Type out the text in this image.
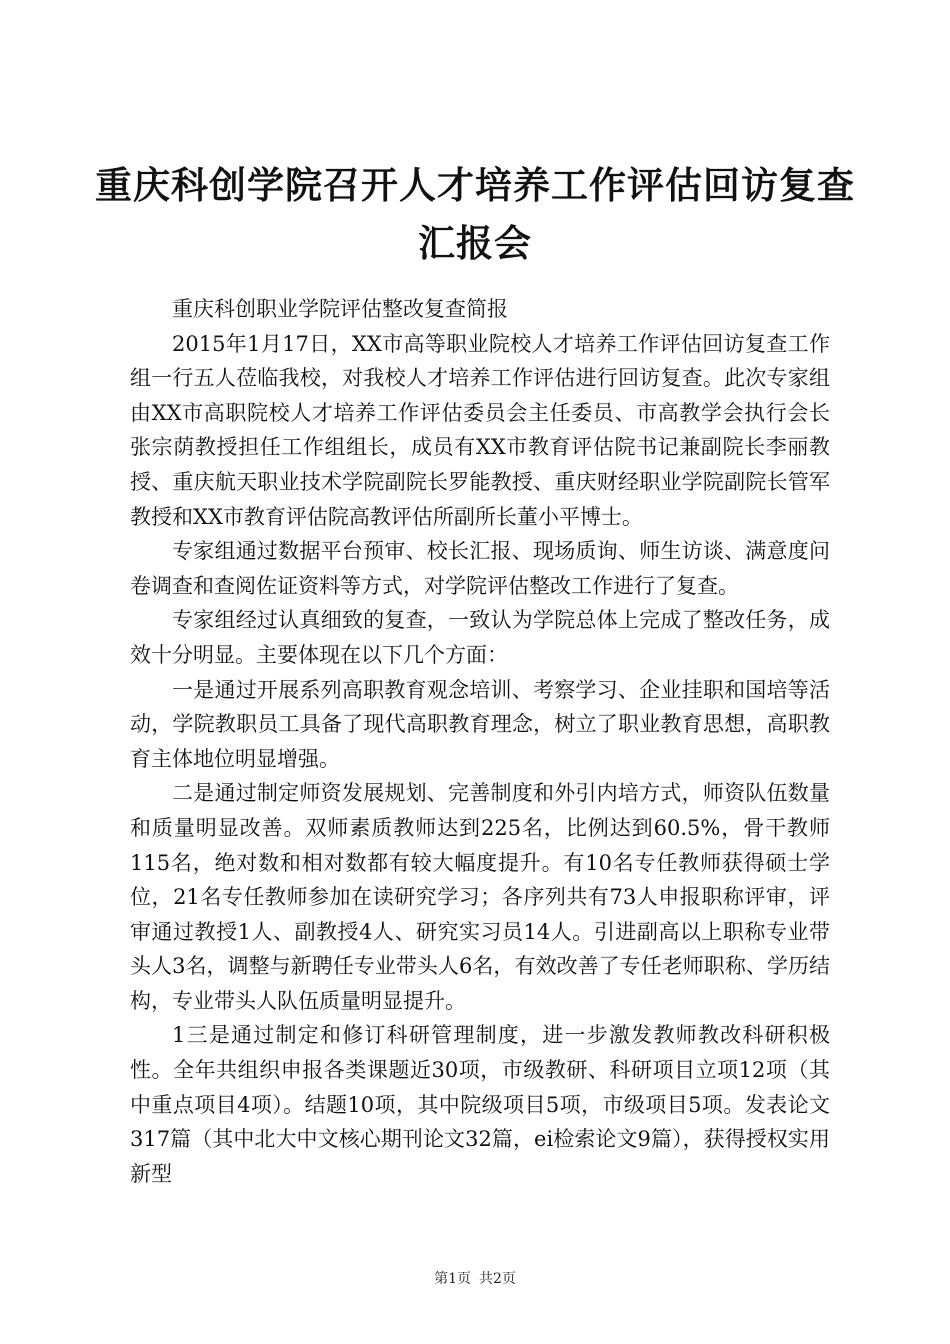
重庆科创学院召开人才培养工作评估回访复查
汇报会

重庆科创职业学院评估整改复查简报

2015年1月17日，XX市高等职业院校人才培养工作评估回访复查工作组一行五人莅临我校，对我校人才培养工作评估进行回访复查。此次专家组由XX市高职院校人才培养工作评估委员会主任委员、市高教学会执行会长张宗荫教授担任工作组组长，成员有XX市教育评估院书记兼副院长李丽教授、重庆航天职业技术学院副院长罗能教授、重庆财经职业学院副院长管军教授和XX市教育评估院高教评估所副所长董小平博士。

专家组通过数据平台预审、校长汇报、现场质询、师生访谈、满意度问卷调查和查阅佐证资料等方式，对学院评估整改工作进行了复查。

专家组经过认真细致的复查，一致认为学院总体上完成了整改任务，成效十分明显。主要体现在以下几个方面：

一是通过开展系列高职教育观念培训、考察学习、企业挂职和国培等活动，学院教职员工具备了现代高职教育理念，树立了职业教育思想，高职教育主体地位明显增强。

二是通过制定师资发展规划、完善制度和外引内培方式，师资队伍数量和质量明显改善。双师素质教师达到225名，比例达到60.5%，骨干教师115名，绝对数和相对数都有较大幅度提升。有10名专任教师获得硕士学位，21名专任教师参加在读研究学习；各序列共有73人申报职称评审，评审通过教授1人、副教授4人、研究实习员14人。引进副高以上职称专业带头人3名，调整与新聘任专业带头人6名，有效改善了专任老师职称、学历结构，专业带头人队伍质量明显提升。

1三是通过制定和修订科研管理制度，进一步激发教师教改科研积极性。全年共组织申报各类课题近30项，市级教研、科研项目立项12项（其中重点项目4项）。结题10项，其中院级项目5项，市级项目5项。发表论文317篇（其中北大中文核心期刊论文32篇，ei检索论文9篇），获得授权实用新型

第1页 共2页
